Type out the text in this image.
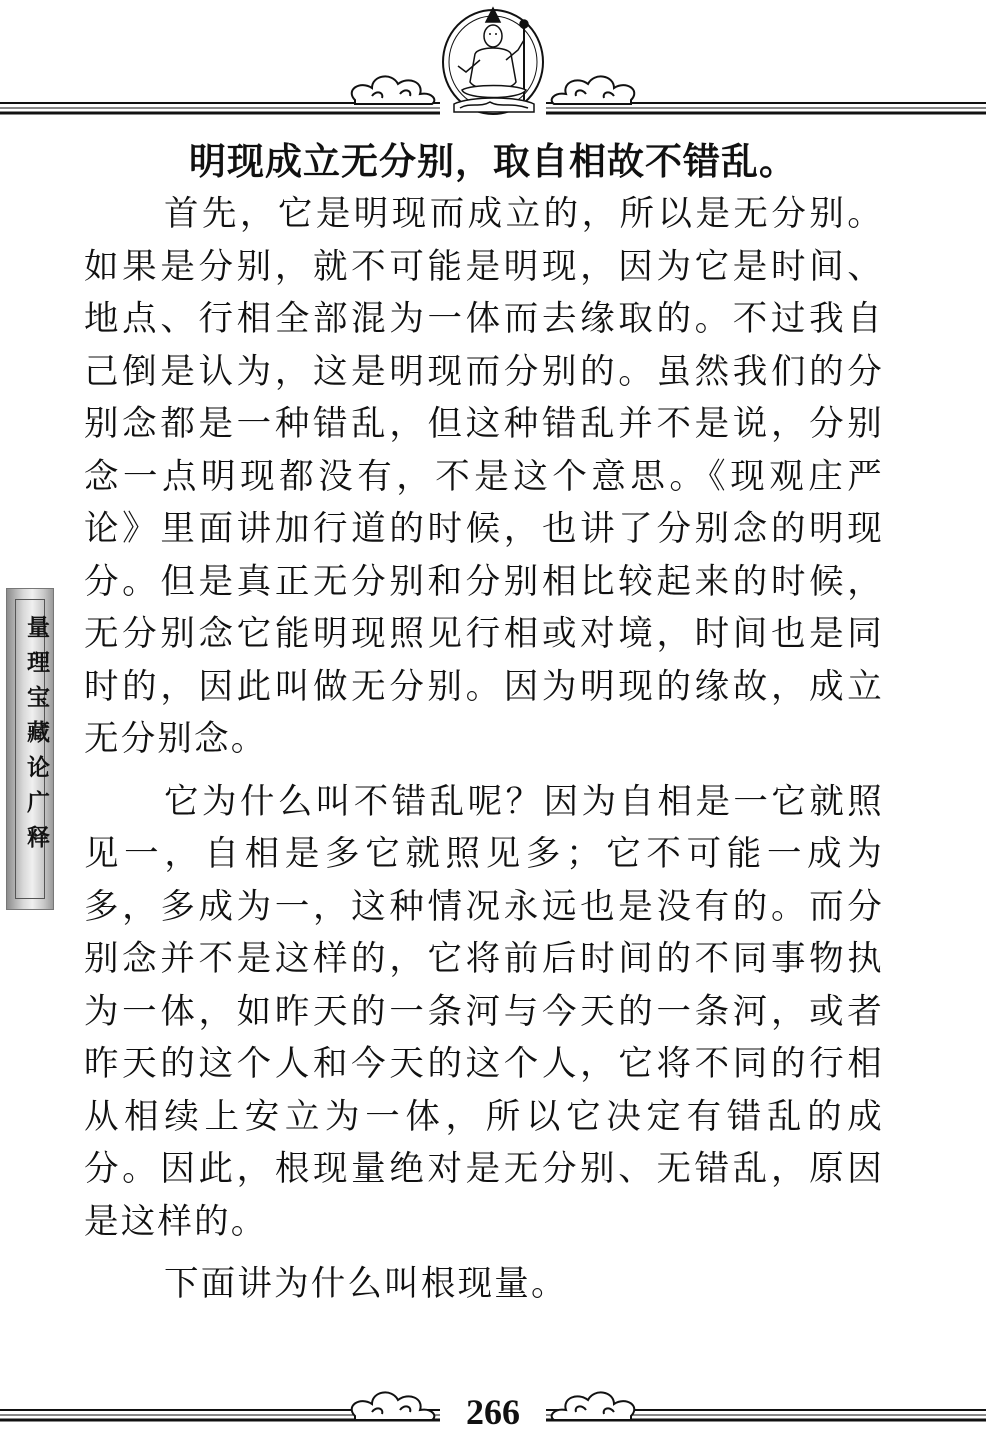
明现成立无分别，取自相故不错乱。

首先，它是明现而成立的，所以是无分别。如果是分别，就不可能是明现，因为它是时间、地点、行相全部混为一体而去缘取的。不过我自己倒是认为，这是明现而分别的。虽然我们的分别念都是一种错乱，但这种错乱并不是说，分别念一点明现都没有，不是这个意思。《现观庄严论》里面讲加行道的时候，也讲了分别念的明现分。但是真正无分别和分别相比较起来的时候，无分别念它能明现照见行相或对境，时间也是同时的，因此叫做无分别。因为明现的缘故，成立无分别念。

它为什么叫不错乱呢？因为自相是一它就照见一，自相是多它就照见多；它不可能一成为多，多成为一，这种情况永远也是没有的。而分别念并不是这样的，它将前后时间的不同事物执为一体，如昨天的一条河与今天的一条河，或者昨天的这个人和今天的这个人，它将不同的行相从相续上安立为一体，所以它决定有错乱的成分。因此，根现量绝对是无分别、无错乱，原因是这样的。

下面讲为什么叫根现量。

量理宝藏论广释
266
